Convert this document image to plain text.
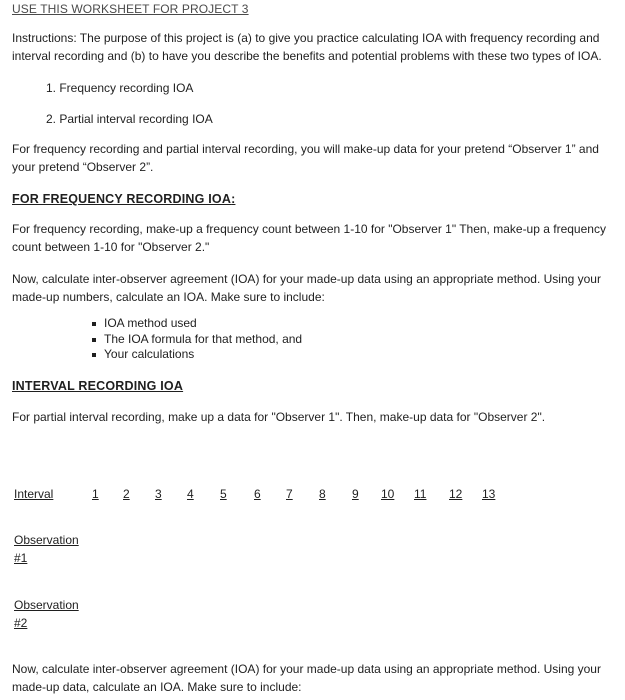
USE THIS WORKSHEET FOR PROJECT 3
Instructions: The purpose of this project is (a) to give you practice calculating IOA with frequency recording and
interval recording and (b) to have you describe the benefits and potential problems with these two types of IOA.
1. Frequency recording IOA
2. Partial interval recording IOA
For frequency recording and partial interval recording, you will make-up data for your pretend “Observer 1” and
your pretend “Observer 2”.
FOR FREQUENCY RECORDING IOA:
For frequency recording, make-up a frequency count between 1-10 for "Observer 1" Then, make-up a frequency
count between 1-10 for "Observer 2."
Now, calculate inter-observer agreement (IOA) for your made-up data using an appropriate method. Using your
made-up numbers, calculate an IOA. Make sure to include:
IOA method used
The IOA formula for that method, and
Your calculations
INTERVAL RECORDING IOA
For partial interval recording, make up a data for "Observer 1". Then, make-up data for "Observer 2".
Interval	1 2 3 4 5 6 7 8 9 10 11 12 13
Observation
#1
Observation
#2
Now, calculate inter-observer agreement (IOA) for your made-up data using an appropriate method. Using your
made-up data, calculate an IOA. Make sure to include:
